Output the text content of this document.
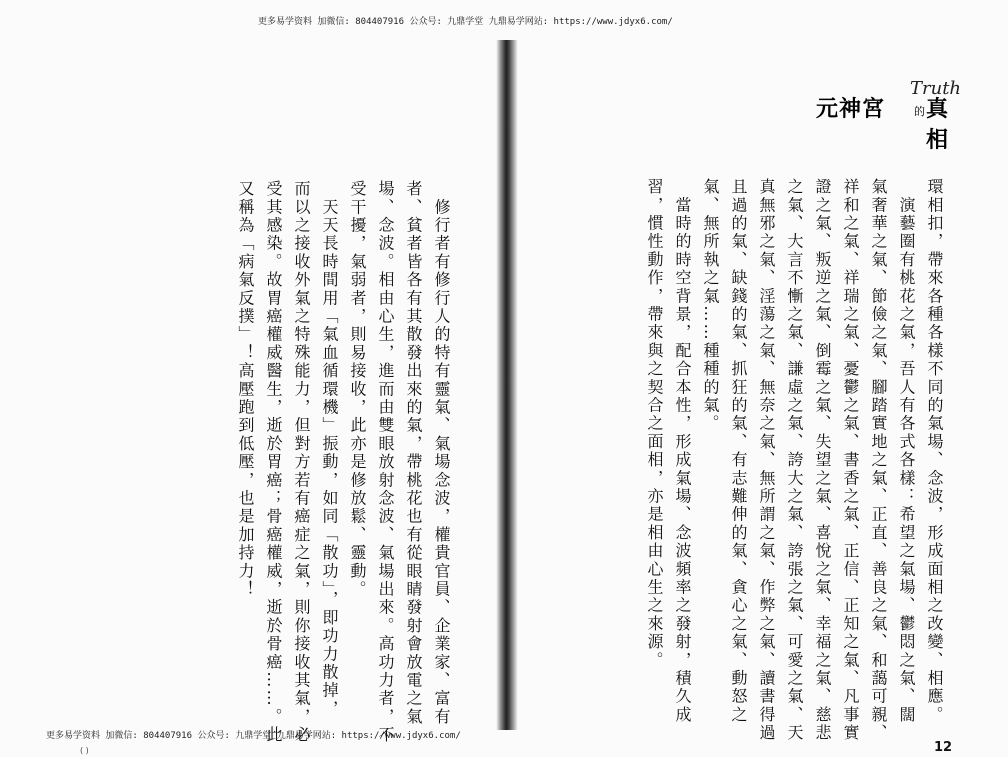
更多易学资料 加微信: 804407916 公众号: 九鼎学堂 九鼎易学网站: https://www.jdyx6.com/
更多易学资料 加微信: 804407916 公众号: 九鼎学堂 九鼎易学网站: https://www.jdyx6.com/
Truth
元神宮	的 真相

環相扣，帶來各種各樣不同的氣場、念波，形成面相之改變、相應。

　演藝圈有桃花之氣，吾人有各式各樣：希望之氣場、鬱悶之氣、闊

氣奢華之氣、節儉之氣、腳踏實地之氣、正直、善良之氣、和藹可親、

祥和之氣、祥瑞之氣、憂鬱之氣、書香之氣、正信、正知之氣、凡事實

證之氣、叛逆之氣、倒霉之氣、失望之氣、喜悅之氣、幸福之氣、慈悲

之氣、大言不慚之氣、謙虛之氣、誇大之氣、誇張之氣、可愛之氣、天

真無邪之氣、淫蕩之氣、無奈之氣、無所謂之氣、作弊之氣、讀書得過

且過的氣、缺錢的氣、抓狂的氣、有志難伸的氣、貪心之氣、動怒之

氣、無所執之氣……種種的氣。

　當時的時空背景，配合本性，形成氣場、念波頻率之發射，積久成

習，慣性動作，帶來與之契合之面相，亦是相由心生之來源。

　修行者有修行人的特有靈氣、氣場念波，權貴官員、企業家、富有

者、貧者皆各有其散發出來的氣，帶桃花也有從眼睛發射會放電之氣

場、念波。相由心生，進而由雙眼放射念波、氣場出來。高功力者，不

受干擾，氣弱者，則易接收，此亦是修放鬆、靈動。

　天天長時間用「氣血循環機」振動，如同「散功」，即功力散掉，

而以之接收外氣之特殊能力，但對方若有癌症之氣，則你接收其氣，必

受其感染。故胃癌權威醫生，逝於胃癌；骨癌權威，逝於骨癌……。此

又稱為「病氣反撲」！高壓跑到低壓，也是加持力！

12
( )
